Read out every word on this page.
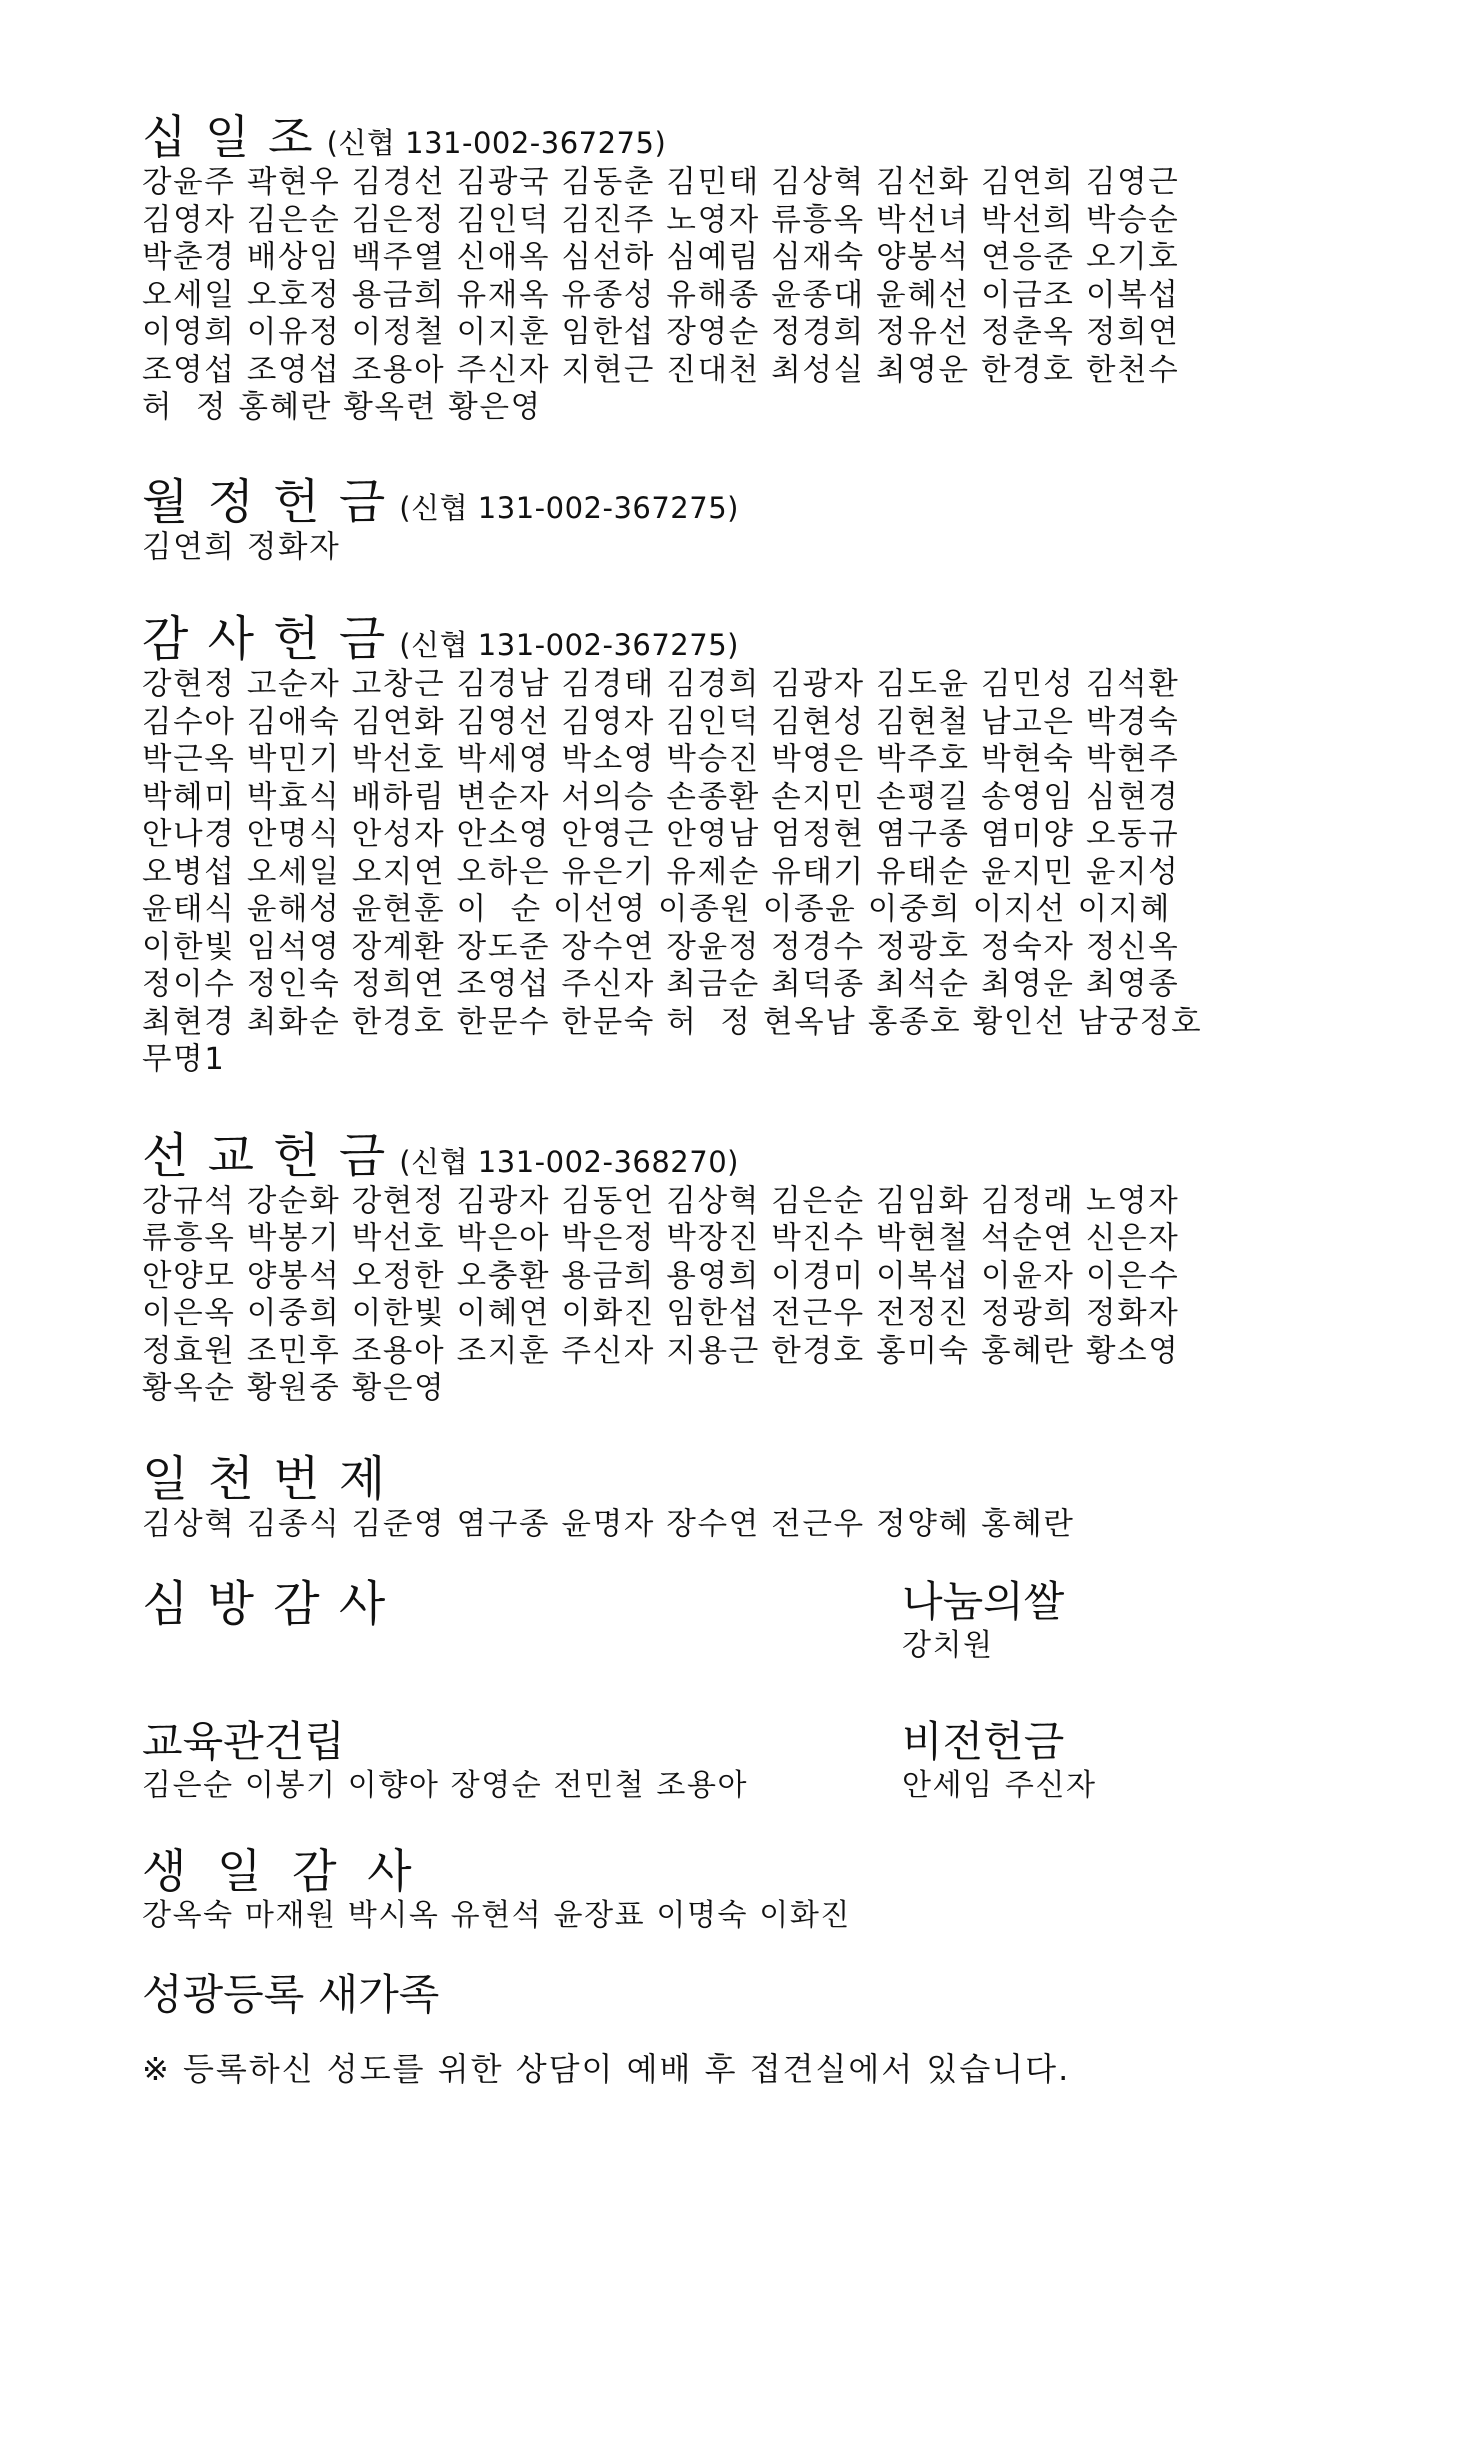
십 일 조 (신협 131-002-367275)
강윤주 곽현우 김경선 김광국 김동춘 김민태 김상혁 김선화 김연희 김영근
김영자 김은순 김은정 김인덕 김진주 노영자 류흥옥 박선녀 박선희 박승순
박춘경 배상임 백주열 신애옥 심선하 심예림 심재숙 양봉석 연응준 오기호
오세일 오호정 용금희 유재옥 유종성 유해종 윤종대 윤혜선 이금조 이복섭
이영희 이유정 이정철 이지훈 임한섭 장영순 정경희 정유선 정춘옥 정희연
조영섭 조영섭 조용아 주신자 지현근 진대천 최성실 최영운 한경호 한천수
허  정 홍혜란 황옥련 황은영
월 정 헌 금 (신협 131-002-367275)
김연희 정화자
감 사 헌 금 (신협 131-002-367275)
강현정 고순자 고창근 김경남 김경태 김경희 김광자 김도윤 김민성 김석환
김수아 김애숙 김연화 김영선 김영자 김인덕 김현성 김현철 남고은 박경숙
박근옥 박민기 박선호 박세영 박소영 박승진 박영은 박주호 박현숙 박현주
박혜미 박효식 배하림 변순자 서의승 손종환 손지민 손평길 송영임 심현경
안나경 안명식 안성자 안소영 안영근 안영남 엄정현 염구종 염미양 오동규
오병섭 오세일 오지연 오하은 유은기 유제순 유태기 유태순 윤지민 윤지성
윤태식 윤해성 윤현훈 이  순 이선영 이종원 이종윤 이중희 이지선 이지혜
이한빛 임석영 장계환 장도준 장수연 장윤정 정경수 정광호 정숙자 정신옥
정이수 정인숙 정희연 조영섭 주신자 최금순 최덕종 최석순 최영운 최영종
최현경 최화순 한경호 한문수 한문숙 허  정 현옥남 홍종호 황인선 남궁정호
무명1
선 교 헌 금 (신협 131-002-368270)
강규석 강순화 강현정 김광자 김동언 김상혁 김은순 김임화 김정래 노영자
류흥옥 박봉기 박선호 박은아 박은정 박장진 박진수 박현철 석순연 신은자
안양모 양봉석 오정한 오충환 용금희 용영희 이경미 이복섭 이윤자 이은수
이은옥 이중희 이한빛 이혜연 이화진 임한섭 전근우 전정진 정광희 정화자
정효원 조민후 조용아 조지훈 주신자 지용근 한경호 홍미숙 홍혜란 황소영
황옥순 황원중 황은영
일 천 번 제
김상혁 김종식 김준영 염구종 윤명자 장수연 전근우 정양혜 홍혜란
심 방 감 사	나눔의쌀
강치원
교육관건립
김은순 이봉기 이향아 장영순 전민철 조용아
비전헌금
안세임 주신자
생 일 감 사
강옥숙 마재원 박시옥 유현석 윤장표 이명숙 이화진
성광등록 새가족
※ 등록하신 성도를 위한 상담이 예배 후 접견실에서 있습니다.
